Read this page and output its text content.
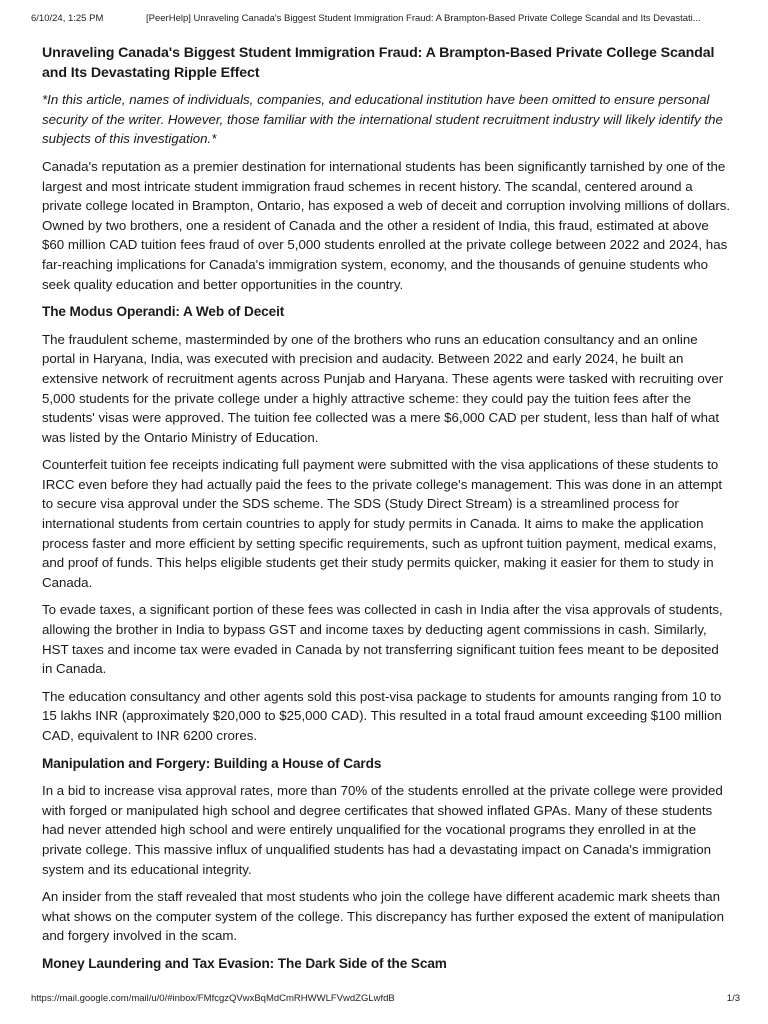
6/10/24, 1:25 PM	[PeerHelp] Unraveling Canada's Biggest Student Immigration Fraud: A Brampton-Based Private College Scandal and Its Devastati...
Unraveling Canada's Biggest Student Immigration Fraud: A Brampton-Based Private College Scandal and Its Devastating Ripple Effect

*In this article, names of individuals, companies, and educational institution have been omitted to ensure personal security of the writer. However, those familiar with the international student recruitment industry will likely identify the subjects of this investigation.*

Canada's reputation as a premier destination for international students has been significantly tarnished by one of the largest and most intricate student immigration fraud schemes in recent history. The scandal, centered around a private college located in Brampton, Ontario, has exposed a web of deceit and corruption involving millions of dollars. Owned by two brothers, one a resident of Canada and the other a resident of India, this fraud, estimated at above $60 million CAD tuition fees fraud of over 5,000 students enrolled at the private college between 2022 and 2024, has far-reaching implications for Canada's immigration system, economy, and the thousands of genuine students who seek quality education and better opportunities in the country.

The Modus Operandi: A Web of Deceit

The fraudulent scheme, masterminded by one of the brothers who runs an education consultancy and an online portal in Haryana, India, was executed with precision and audacity. Between 2022 and early 2024, he built an extensive network of recruitment agents across Punjab and Haryana. These agents were tasked with recruiting over 5,000 students for the private college under a highly attractive scheme: they could pay the tuition fees after the students' visas were approved. The tuition fee collected was a mere $6,000 CAD per student, less than half of what was listed by the Ontario Ministry of Education.

Counterfeit tuition fee receipts indicating full payment were submitted with the visa applications of these students to IRCC even before they had actually paid the fees to the private college's management. This was done in an attempt to secure visa approval under the SDS scheme. The SDS (Study Direct Stream) is a streamlined process for international students from certain countries to apply for study permits in Canada. It aims to make the application process faster and more efficient by setting specific requirements, such as upfront tuition payment, medical exams, and proof of funds. This helps eligible students get their study permits quicker, making it easier for them to study in Canada.

To evade taxes, a significant portion of these fees was collected in cash in India after the visa approvals of students, allowing the brother in India to bypass GST and income taxes by deducting agent commissions in cash. Similarly, HST taxes and income tax were evaded in Canada by not transferring significant tuition fees meant to be deposited in Canada.

The education consultancy and other agents sold this post-visa package to students for amounts ranging from 10 to 15 lakhs INR (approximately $20,000 to $25,000 CAD). This resulted in a total fraud amount exceeding $100 million CAD, equivalent to INR 6200 crores.

Manipulation and Forgery: Building a House of Cards

In a bid to increase visa approval rates, more than 70% of the students enrolled at the private college were provided with forged or manipulated high school and degree certificates that showed inflated GPAs. Many of these students had never attended high school and were entirely unqualified for the vocational programs they enrolled in at the private college. This massive influx of unqualified students has had a devastating impact on Canada's immigration system and its educational integrity.

An insider from the staff revealed that most students who join the college have different academic mark sheets than what shows on the computer system of the college. This discrepancy has further exposed the extent of manipulation and forgery involved in the scam.

Money Laundering and Tax Evasion: The Dark Side of the Scam
https://mail.google.com/mail/u/0/#inbox/FMfcgzQVwxBqMdCmRHWWLFVwdZGLwfdB	1/3
